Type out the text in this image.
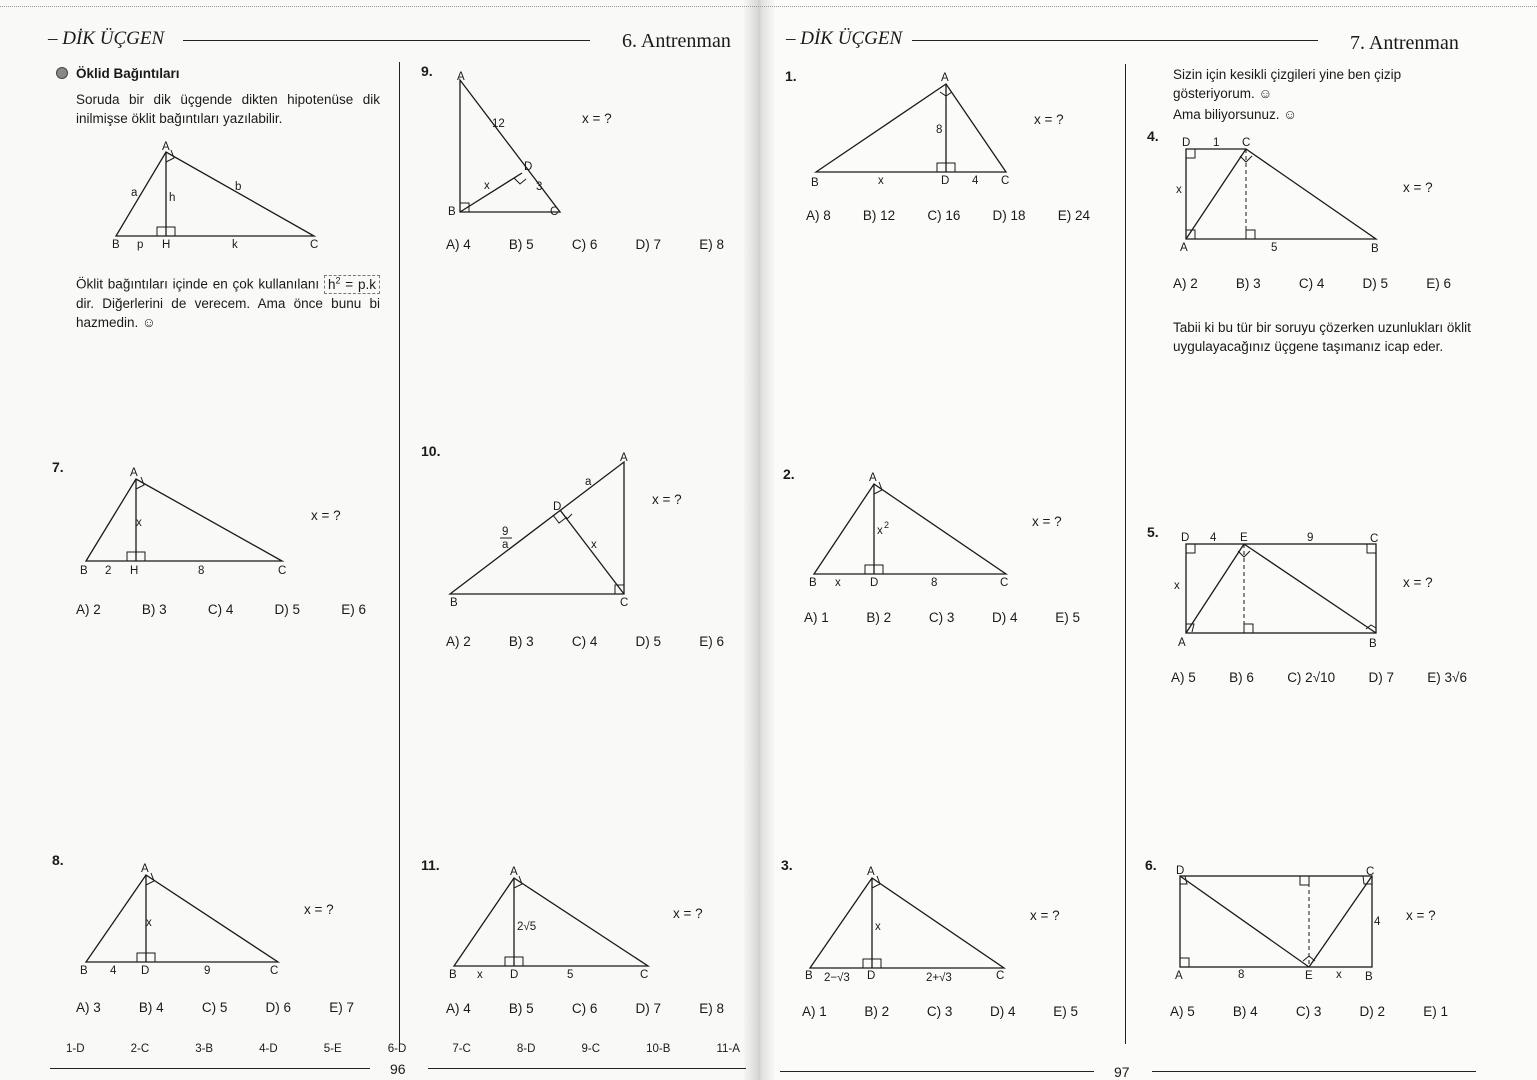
– DİK ÜÇGEN	6. Antrenman
Öklid Bağıntıları
Soruda bir dik üçgende dikten hipotenüse dik inilmişse öklit bağıntıları yazılabilir.
A
B p H	k	C
a	h
b
Öklit bağıntıları içinde en çok kullanılanı $h^2 = p.k$ dir. Diğerlerini de verecem. Ama önce bunu bi hazmedin. ☺
7.	A
B 2 H	8	C
x	x = ?
A) 2	B) 3	C) 4	D) 5	E) 6
8.
A
B 4 D	9	C
x
x = ?
A) 3	B) 4	C) 5	D) 6	E) 7
9. A
B	C
D
12
x	3
x = ?
A) 4	B) 5	C) 6	D) 7	E) 8
10.	A
B	C
D
a
x
9
a
x = ?
A) 2	B) 3	C) 4	D) 5	E) 6
11.	A
B x D	5	C
2√5
x = ?
A) 4	B) 5	C) 6	D) 7	E) 8
1-D	2-C	3-B	4-D	5-E	6-D	7-C	8-D	9-C	10-B	11-A
96
– DİK ÜÇGEN	7. Antrenman
1.	A
B	x	D 4 C
8
x = ?
A) 8 B) 12 C) 16 D) 18 E) 24
2.	A
B x	D	8	C
x 2	x = ?
A) 1	B) 2	C) 3	D) 4	E) 5
3.	A
B 2−√3 D	2+√3	C
x
x = ?
A) 1	B) 2	C) 3	D) 4	E) 5
Sizin için kesikli çizgileri yine ben çizip gösteriyorum. ☺
Ama biliyorsunuz. ☺
4. D 1 C
x
A	5	B
x = ?
A) 2	B) 3	C) 4	D) 5	E) 6
Tabii ki bu tür bir soruyu çözerken uzunlukları öklit uygulayacağınız üçgene taşımanız icap eder.
5. D 4 E	9	C
x
A	B
x = ?
A) 5 B) 6 C) 2√10 D) 7 E) 3√6
6. D	C
4
A	8	E x B
x = ?
A) 5	B) 4	C) 3	D) 2	E) 1
97
